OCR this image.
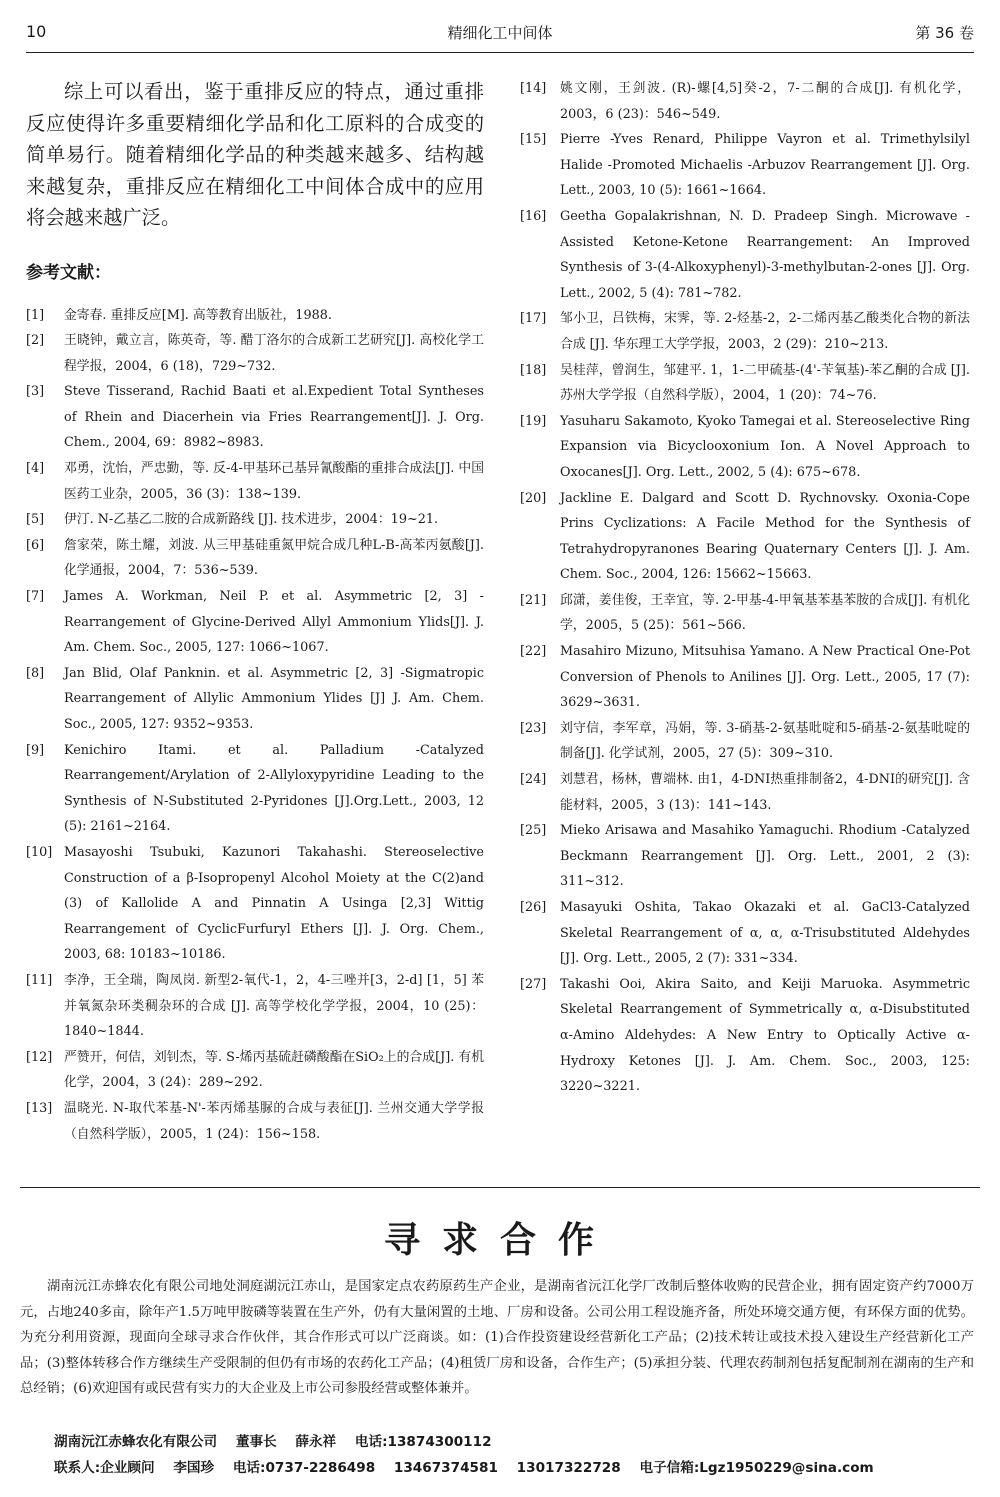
10	精细化工中间体	第 36 卷

综上可以看出，鉴于重排反应的特点，通过重排反应使得许多重要精细化学品和化工原料的合成变的简单易行。随着精细化学品的种类越来越多、结构越来越复杂，重排反应在精细化工中间体合成中的应用将会越来越广泛。

参考文献：
[1] 金寄春. 重排反应[M]. 高等教育出版社，1988.
[2] 王晓钟，戴立言，陈英奇，等. 醋丁洛尔的合成新工艺研究[J]. 高校化学工程学报，2004，6 (18)，729~732.
[3] Steve Tisserand, Rachid Baati et al.Expedient Total Syntheses of Rhein and Diacerhein via Fries Rearrangement[J]. J. Org. Chem., 2004, 69：8982~8983.
[4] 邓勇，沈怡，严忠勤，等. 反-4-甲基环己基异氰酸酯的重排合成法[J]. 中国医药工业杂，2005，36 (3)：138~139.
[5] 伊汀. N-乙基乙二胺的合成新路线 [J]. 技术进步，2004：19~21.
[6] 詹家荣，陈土耀，刘波. 从三甲基硅重氮甲烷合成几种L-B-高苯丙氨酸[J]. 化学通报，2004，7：536~539.
[7] James A. Workman, Neil P. et al. Asymmetric [2, 3] -Rearrangement of Glycine-Derived Allyl Ammonium Ylids[J]. J. Am. Chem. Soc., 2005, 127: 1066~1067.
[8] Jan Blid, Olaf Panknin. et al. Asymmetric [2, 3] -Sigmatropic Rearrangement of Allylic Ammonium Ylides [J] J. Am. Chem. Soc., 2005, 127: 9352~9353.
[9] Kenichiro Itami. et al. Palladium -Catalyzed Rearrangement/Arylation of 2-Allyloxypyridine Leading to the Synthesis of N-Substituted 2-Pyridones [J].Org.Lett., 2003, 12 (5): 2161~2164.
[10] Masayoshi Tsubuki, Kazunori Takahashi. Stereoselective Construction of a β-Isopropenyl Alcohol Moiety at the C(2)and (3) of Kallolide A and Pinnatin A Usinga [2,3] Wittig Rearrangement of CyclicFurfuryl Ethers [J]. J. Org. Chem., 2003, 68: 10183~10186.
[11] 李净，王全瑞，陶凤岗. 新型2-氧代-1，2，4-三唑并[3，2-d] [1，5] 苯并氧氮杂环类稠杂环的合成 [J]. 高等学校化学学报，2004，10 (25)：1840~1844.
[12] 严赞开，何佶，刘钊杰，等. S-烯丙基硫赶磷酸酯在SiO₂上的合成[J]. 有机化学，2004，3 (24)：289~292.
[13] 温晓光. N-取代苯基-N'-苯丙烯基脲的合成与表征[J]. 兰州交通大学学报（自然科学版），2005，1 (24)：156~158.
[14] 姚文刚，王剑波. (R)-螺[4,5]癸-2，7-二酮的合成[J]. 有机化学，2003，6 (23)：546~549.
[15] Pierre -Yves Renard, Philippe Vayron et al. Trimethylsilyl Halide -Promoted Michaelis -Arbuzov Rearrangement [J]. Org. Lett., 2003, 10 (5): 1661~1664.
[16] Geetha Gopalakrishnan, N. D. Pradeep Singh. Microwave -Assisted Ketone-Ketone Rearrangement: An Improved Synthesis of 3-(4-Alkoxyphenyl)-3-methylbutan-2-ones [J]. Org. Lett., 2002, 5 (4): 781~782.
[17] 邹小卫，吕铁梅，宋霁，等. 2-烃基-2，2-二烯丙基乙酸类化合物的新法合成 [J]. 华东理工大学学报，2003，2 (29)：210~213.
[18] 吴桂萍，曾润生，邹建平. 1，1-二甲硫基-(4'-苄氧基)-苯乙酮的合成 [J]. 苏州大学学报（自然科学版），2004，1 (20)：74~76.
[19] Yasuharu Sakamoto, Kyoko Tamegai et al. Stereoselective Ring Expansion via Bicyclooxonium Ion. A Novel Approach to Oxocanes[J]. Org. Lett., 2002, 5 (4): 675~678.
[20] Jackline E. Dalgard and Scott D. Rychnovsky. Oxonia-Cope Prins Cyclizations: A Facile Method for the Synthesis of Tetrahydropyranones Bearing Quaternary Centers [J]. J. Am. Chem. Soc., 2004, 126: 15662~15663.
[21] 邱潇，姜佳俊，王幸宜，等. 2-甲基-4-甲氧基苯基苯胺的合成[J]. 有机化学，2005，5 (25)：561~566.
[22] Masahiro Mizuno, Mitsuhisa Yamano. A New Practical One-Pot Conversion of Phenols to Anilines [J]. Org. Lett., 2005, 17 (7): 3629~3631.
[23] 刘守信，李军章，冯娟，等. 3-硝基-2-氨基吡啶和5-硝基-2-氨基吡啶的制备[J]. 化学试剂，2005，27 (5)：309~310.
[24] 刘慧君，杨林，曹端林. 由1，4-DNI热重排制备2，4-DNI的研究[J]. 含能材料，2005，3 (13)：141~143.
[25] Mieko Arisawa and Masahiko Yamaguchi. Rhodium -Catalyzed Beckmann Rearrangement [J]. Org. Lett., 2001, 2 (3): 311~312.
[26] Masayuki Oshita, Takao Okazaki et al. GaCl3-Catalyzed Skeletal Rearrangement of α, α, α-Trisubstituted Aldehydes [J]. Org. Lett., 2005, 2 (7): 331~334.
[27] Takashi Ooi, Akira Saito, and Keiji Maruoka. Asymmetric Skeletal Rearrangement of Symmetrically α, α-Disubstituted α-Amino Aldehydes: A New Entry to Optically Active α-Hydroxy Ketones [J]. J. Am. Chem. Soc., 2003, 125: 3220~3221.
寻求合作

湖南沅江赤蜂农化有限公司地处洞庭湖沅江赤山，是国家定点农药原药生产企业，是湖南省沅江化学厂改制后整体收购的民营企业，拥有固定资产约7000万元，占地240多亩，除年产1.5万吨甲胺磷等装置在生产外，仍有大量闲置的土地、厂房和设备。公司公用工程设施齐备，所处环境交通方便，有环保方面的优势。为充分利用资源，现面向全球寻求合作伙伴，其合作形式可以广泛商谈。如：(1)合作投资建设经营新化工产品；(2)技术转让或技术投入建设生产经营新化工产品；(3)整体转移合作方继续生产受限制的但仍有市场的农药化工产品；(4)租赁厂房和设备，合作生产；(5)承担分装、代理农药制剂包括复配制剂在湖南的生产和总经销；(6)欢迎国有或民营有实力的大企业及上市公司参股经营或整体兼并。

湖南沅江赤蜂农化有限公司 董事长 薛永祥 电话:13874300112
联系人:企业顾问 李国珍 电话:0737-2286498 13467374581 13017322728 电子信箱:Lgz1950229@sina.com
